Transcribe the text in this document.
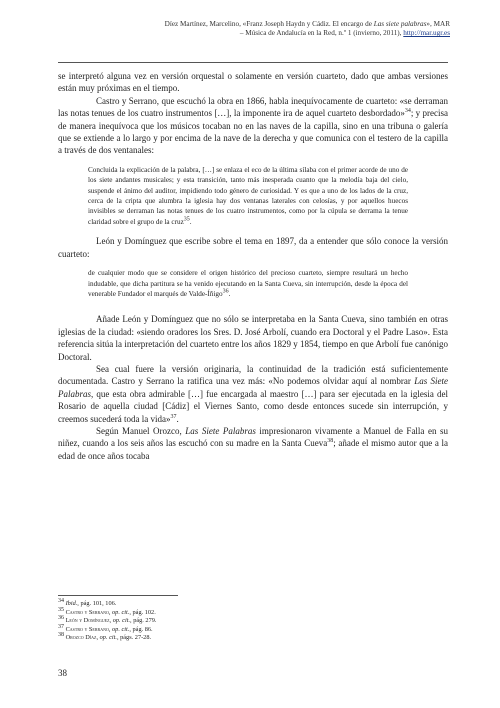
Díez Martínez, Marcelino, «Franz Joseph Haydn y Cádiz. El encargo de Las siete palabras», MAR
– Música de Andalucía en la Red, n.º 1 (invierno, 2011), http://mar.ugr.es

se interpretó alguna vez en versión orquestal o solamente en versión cuarteto, dado que ambas versiones están muy próximas en el tiempo.

Castro y Serrano, que escuchó la obra en 1866, habla inequívocamente de cuarteto: «se derraman las notas tenues de los cuatro instrumentos […], la imponente ira de aquel cuarteto desbordado»$^{34}$; y precisa de manera inequívoca que los músicos tocaban no en las naves de la capilla, sino en una tribuna o galería que se extiende a lo largo y por encima de la nave de la derecha y que comunica con el testero de la capilla a través de dos ventanales:

Concluida la explicación de la palabra, […] se enlaza el eco de la última sílaba con el primer acorde de uno de los siete andantes musicales; y esta transición, tanto más inesperada cuanto que la melodía baja del cielo, suspende el ánimo del auditor, impidiendo todo género de curiosidad. Y es que a uno de los lados de la cruz, cerca de la cripta que alumbra la iglesia hay dos ventanas laterales con celosías, y por aquellos huecos invisibles se derraman las notas tenues de los cuatro instrumentos, como por la cúpula se derrama la tenue claridad sobre el grupo de la cruz$^{35}$.

León y Domínguez que escribe sobre el tema en 1897, da a entender que sólo conoce la versión cuarteto:

de cualquier modo que se considere el origen histórico del precioso cuarteto, siempre resultará un hecho indudable, que dicha partitura se ha venido ejecutando en la Santa Cueva, sin interrupción, desde la época del venerable Fundador el marqués de Valde-Íñigo$^{36}$.

Añade León y Domínguez que no sólo se interpretaba en la Santa Cueva, sino también en otras iglesias de la ciudad: «siendo oradores los Sres. D. José Arbolí, cuando era Doctoral y el Padre Laso». Esta referencia sitúa la interpretación del cuarteto entre los años 1829 y 1854, tiempo en que Arbolí fue canónigo Doctoral.

Sea cual fuere la versión originaria, la continuidad de la tradición está suficientemente documentada. Castro y Serrano la ratifica una vez más: «No podemos olvidar aquí al nombrar Las Siete Palabras, que esta obra admirable […] fue encargada al maestro […] para ser ejecutada en la iglesia del Rosario de aquella ciudad [Cádiz] el Viernes Santo, como desde entonces sucede sin interrupción, y creemos sucederá toda la vida»$^{37}$.

Según Manuel Orozco, Las Siete Palabras impresionaron vivamente a Manuel de Falla en su niñez, cuando a los seis años las escuchó con su madre en la Santa Cueva$^{38}$; añade el mismo autor que a la edad de once años tocaba

$^{34}$ Ibid., pág. 101, 106.
$^{35}$ Castro y Serrano, op. cit., pág. 102.
$^{36}$ León y Domínguez, op. cit., pág. 279.
$^{37}$ Castro y Serrano, op. cit., pág. 86.
$^{38}$ Orozco Díaz, op. cit., págs. 27-28.
38
